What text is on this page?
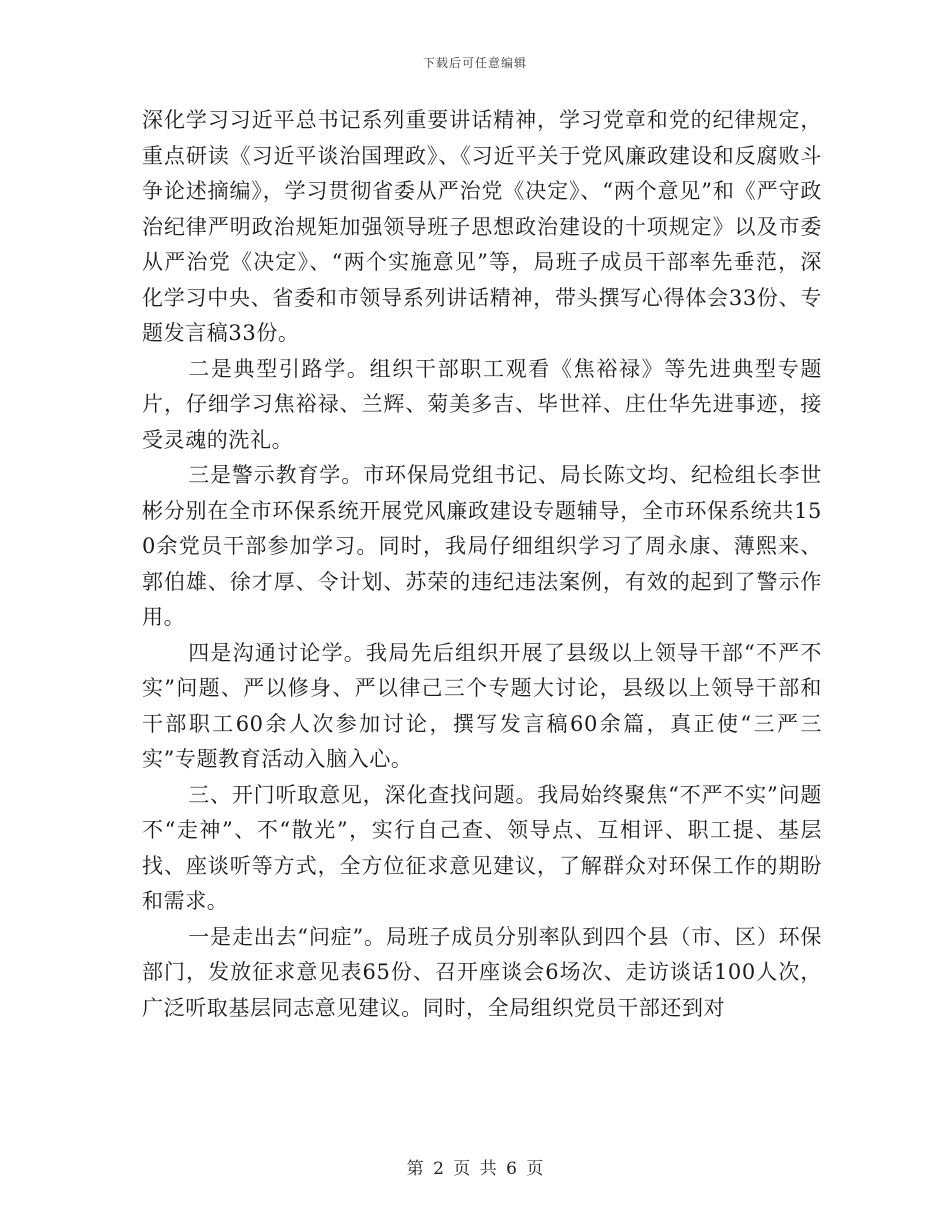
下载后可任意编辑

深化学习习近平总书记系列重要讲话精神，学习党章和党的纪律规定，重点研读《习近平谈治国理政》、《习近平关于党风廉政建设和反腐败斗争论述摘编》，学习贯彻省委从严治党《决定》、“两个意见”和《严守政治纪律严明政治规矩加强领导班子思想政治建设的十项规定》以及市委从严治党《决定》、“两个实施意见”等，局班子成员干部率先垂范，深化学习中央、省委和市领导系列讲话精神，带头撰写心得体会33份、专题发言稿33份。

二是典型引路学。组织干部职工观看《焦裕禄》等先进典型专题片，仔细学习焦裕禄、兰辉、菊美多吉、毕世祥、庄仕华先进事迹，接受灵魂的洗礼。

三是警示教育学。市环保局党组书记、局长陈文均、纪检组长李世彬分别在全市环保系统开展党风廉政建设专题辅导，全市环保系统共150余党员干部参加学习。同时，我局仔细组织学习了周永康、薄熙来、郭伯雄、徐才厚、令计划、苏荣的违纪违法案例，有效的起到了警示作用。

四是沟通讨论学。我局先后组织开展了县级以上领导干部“不严不实”问题、严以修身、严以律己三个专题大讨论，县级以上领导干部和干部职工60余人次参加讨论，撰写发言稿60余篇，真正使“三严三实”专题教育活动入脑入心。

三、开门听取意见，深化查找问题。我局始终聚焦“不严不实”问题不“走神”、不“散光”，实行自己查、领导点、互相评、职工提、基层找、座谈听等方式，全方位征求意见建议，了解群众对环保工作的期盼和需求。

一是走出去“问症”。局班子成员分别率队到四个县（市、区）环保部门，发放征求意见表65份、召开座谈会6场次、走访谈话100人次，广泛听取基层同志意见建议。同时，全局组织党员干部还到对

第 2 页 共 6 页
